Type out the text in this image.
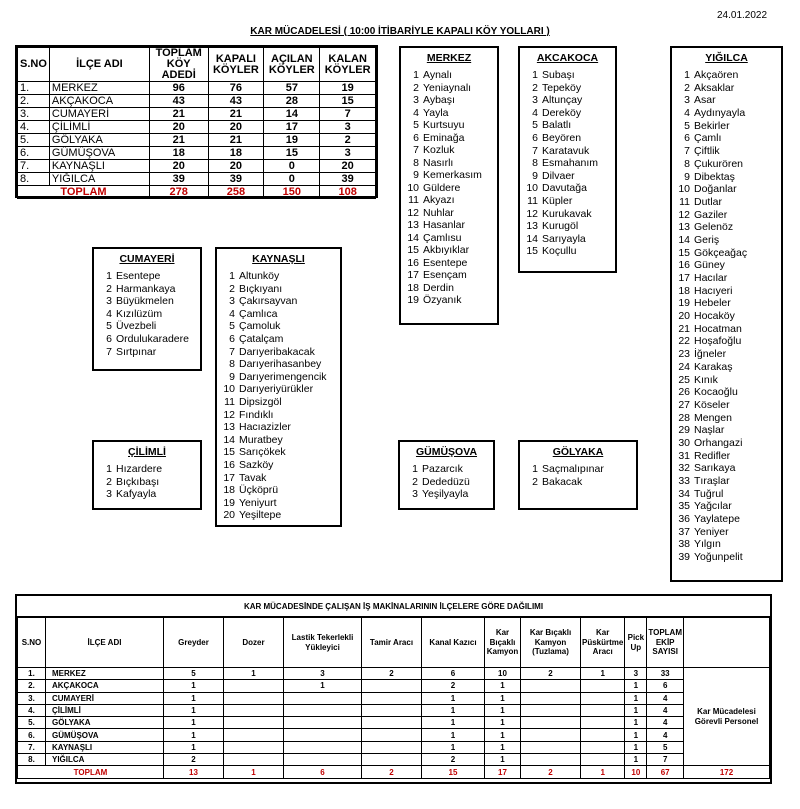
24.01.2022
KAR MÜCADELESİ ( 10:00 İTİBARİYLE KAPALI KÖY YOLLARI )
S.NO	İLÇE ADI	TOPLAM KÖY ADEDİ	KAPALI KÖYLER	AÇILAN KÖYLER	KALAN KÖYLER
1.	MERKEZ	96	76	57	19
2.	AKÇAKOCA	43	43	28	15
3.	CUMAYERİ	21	21	14	7
4.	ÇİLİMLİ	20	20	17	3
5.	GÖLYAKA	21	21	19	2
6.	GÜMÜŞOVA	18	18	15	3
7.	KAYNAŞLI	20	20	0	20
8.	YIĞILCA	39	39	0	39
TOPLAM		278	258	150	108
MERKEZ
1 Aynalı
2 Yeniaynalı
3 Aybaşı
4 Yayla
5 Kurtsuyu
6 Eminağa
7 Kozluk
8 Nasırlı
9 Kemerkasım
10 Güldere
11 Akyazı
12 Nuhlar
13 Hasanlar
14 Çamlısu
15 Akbıyıklar
16 Esentepe
17 Esençam
18 Derdin
19 Özyanık
AKCAKOCA
1 Subaşı
2 Tepeköy
3 Altunçay
4 Dereköy
5 Balatlı
6 Beyören
7 Karatavuk
8 Esmahanım
9 Dilvaer
10 Davutağa
11 Küpler
12 Kurukavak
13 Kurugöl
14 Sarıyayla
15 Koçullu
YIĞILCA
1 Akçaören
2 Aksaklar
3 Asar
4 Aydınyayla
5 Bekirler
6 Çamlı
7 Çiftlik
8 Çukurören
9 Dibektaş
10 Doğanlar
11 Dutlar
12 Gaziler
13 Gelenöz
14 Geriş
15 Gökçeağaç
16 Güney
17 Hacılar
18 Hacıyeri
19 Hebeler
20 Hocaköy
21 Hocatman
22 Hoşafoğlu
23 İğneler
24 Karakaş
25 Kınık
26 Kocaoğlu
27 Köseler
28 Mengen
29 Naşlar
30 Orhangazi
31 Redifler
32 Sarıkaya
33 Tıraşlar
34 Tuğrul
35 Yağcılar
36 Yaylatepe
37 Yeniyer
38 Yılgın
39 Yoğunpelit
CUMAYERİ
1 Esentepe
2 Harmankaya
3 Büyükmelen
4 Kızılüzüm
5 Üvezbeli
6 Ordulukaradere
7 Sırtpınar
KAYNAŞLI
1 Altunköy
2 Bıçkıyanı
3 Çakırsayvan
4 Çamlıca
5 Çamoluk
6 Çatalçam
7 Darıyeribakacak
8 Darıyerihasanbey
9 Darıyerimengencik
10 Darıyeriyürükler
11 Dipsizgöl
12 Fındıklı
13 Hacıazizler
14 Muratbey
15 Sarıçökek
16 Sazköy
17 Tavak
18 Üçköprü
19 Yeniyurt
20 Yeşiltepe
ÇİLİMLİ
1 Hızardere
2 Bıçkıbaşı
3 Kafyayla
GÜMÜŞOVA
1 Pazarcık
2 Dededüzü
3 Yeşilyayla
GÖLYAKA
1 Saçmalıpınar
2 Bakacak
KAR MÜCADESİNDE ÇALIŞAN İŞ MAKİNALARININ İLÇELERE GÖRE DAĞILIMI
S.NO	İLÇE ADI	Greyder	Dozer	Lastik Tekerlekli Yükleyici	Tamir Aracı	Kanal Kazıcı	Kar Bıçaklı Kamyon	Kar Bıçaklı Kamyon (Tuzlama)	Kar Püskürtme Aracı	Pick Up	TOPLAM EKİP SAYISI	
1.	MERKEZ	5	1	3	2	6	10	2	1	3	33	Kar Mücadelesi Görevli Personel
2.	AKÇAKOCA	1		1		2	1			1	6	
3.	CUMAYERİ	1				1	1			1	4	
4.	ÇİLİMLİ	1				1	1			1	4	
5.	GÖLYAKA	1				1	1			1	4	
6.	GÜMÜŞOVA	1				1	1			1	4	
7.	KAYNAŞLI	1				1	1			1	5	
8.	YIĞILCA	2				2	1			1	7	
TOPLAM		13	1	6	2	15	17	2	1	10	67	172
